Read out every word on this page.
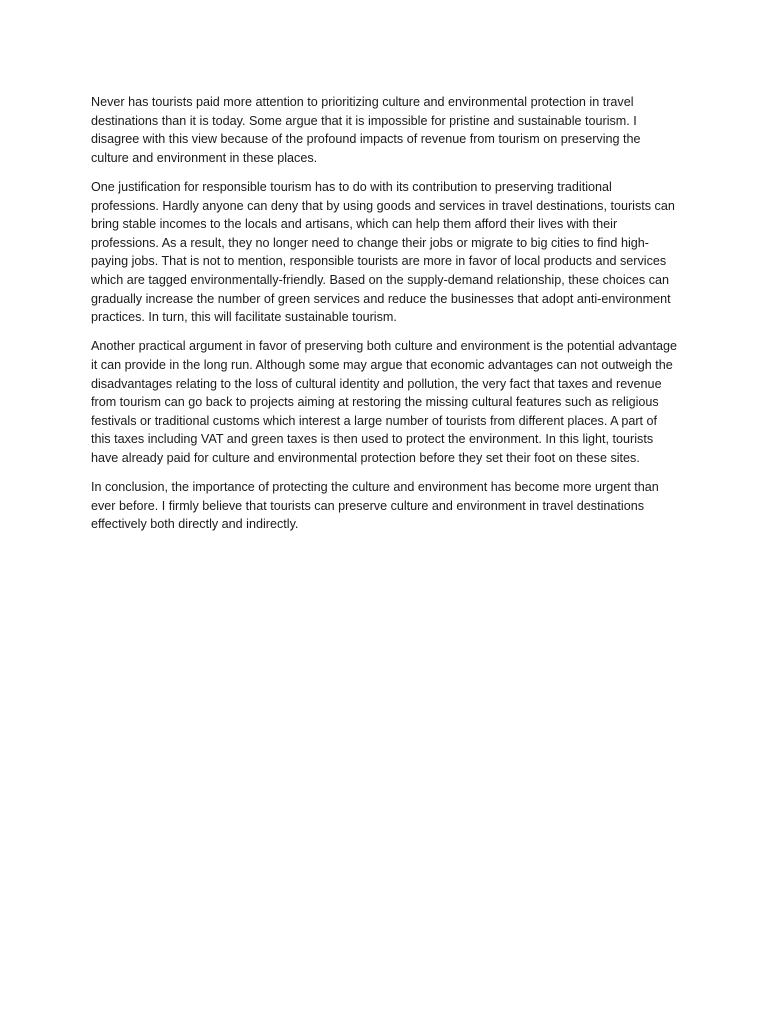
Never has tourists paid more attention to prioritizing culture and environmental protection in travel destinations than it is today. Some argue that it is impossible for pristine and sustainable tourism. I disagree with this view because of the profound impacts of revenue from tourism on preserving the culture and environment in these places.

One justification for responsible tourism has to do with its contribution to preserving traditional professions. Hardly anyone can deny that by using goods and services in travel destinations, tourists can bring stable incomes to the locals and artisans, which can help them afford their lives with their professions. As a result, they no longer need to change their jobs or migrate to big cities to find high-paying jobs. That is not to mention, responsible tourists are more in favor of local products and services which are tagged environmentally-friendly. Based on the supply-demand relationship, these choices can gradually increase the number of green services and reduce the businesses that adopt anti-environment practices. In turn, this will facilitate sustainable tourism.

Another practical argument in favor of preserving both culture and environment is the potential advantage it can provide in the long run. Although some may argue that economic advantages can not outweigh the disadvantages relating to the loss of cultural identity and pollution, the very fact that taxes and revenue from tourism can go back to projects aiming at restoring the missing cultural features such as religious festivals or traditional customs which interest a large number of tourists from different places. A part of this taxes including VAT and green taxes is then used to protect the environment. In this light, tourists have already paid for culture and environmental protection before they set their foot on these sites.

In conclusion, the importance of protecting the culture and environment has become more urgent than ever before. I firmly believe that tourists can preserve culture and environment in travel destinations effectively both directly and indirectly.
